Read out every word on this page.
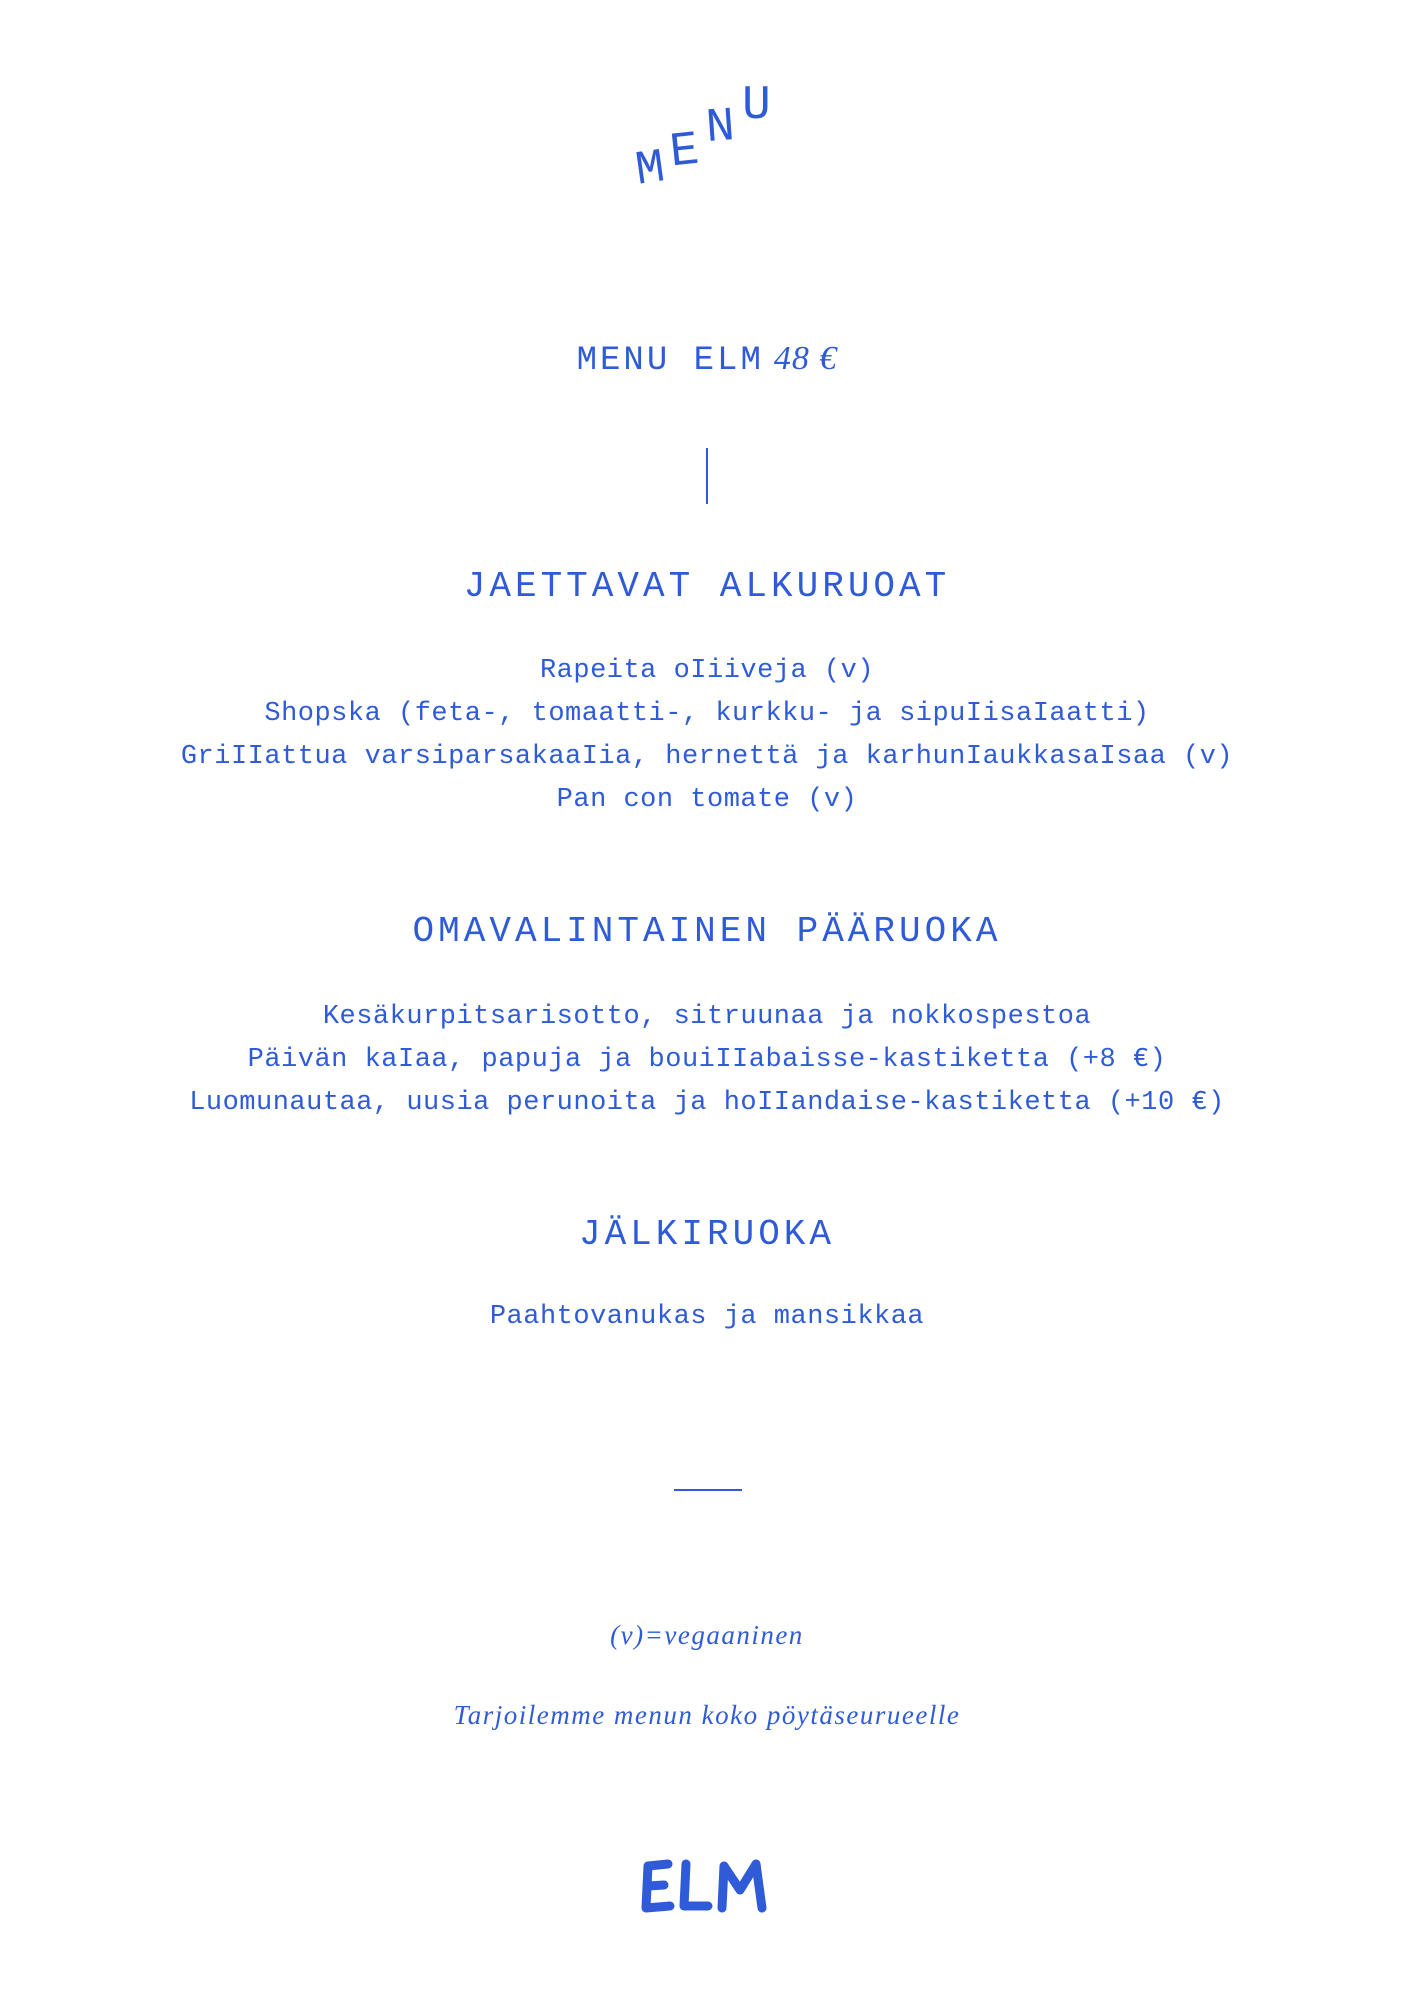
M
E N U
MENU ELM 48 €
JAETTAVAT ALKURUOAT
Rapeita oIiiveja (v)
Shopska (feta-, tomaatti-, kurkku- ja sipuIisaIaatti)
GriIIattua varsiparsakaaIia, hernettä ja karhunIaukkasaIsaa (v)
Pan con tomate (v)
OMAVALINTAINEN PÄÄRUOKA
Kesäkurpitsarisotto, sitruunaa ja nokkospestoa
Päivän kaIaa, papuja ja bouiIIabaisse-kastiketta (+8 €)
Luomunautaa, uusia perunoita ja hoIIandaise-kastiketta (+10 €)
JÄLKIRUOKA
Paahtovanukas ja mansikkaa
(v)=vegaaninen
Tarjoilemme menun koko pöytäseurueelle
